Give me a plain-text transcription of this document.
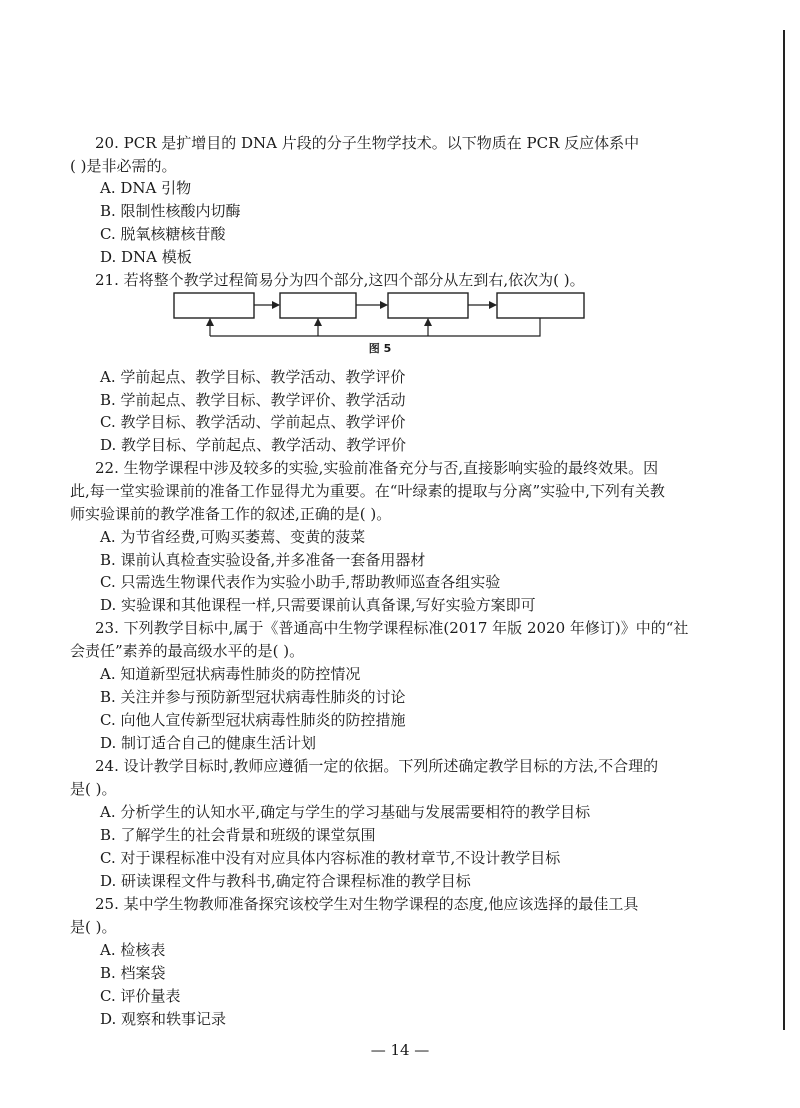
20. PCR 是扩增目的 DNA 片段的分子生物学技术。以下物质在 PCR 反应体系中
( )是非必需的。
A. DNA 引物
B. 限制性核酸内切酶
C. 脱氧核糖核苷酸
D. DNA 模板
21. 若将整个教学过程简易分为四个部分,这四个部分从左到右,依次为( )。
图 5
A. 学前起点、教学目标、教学活动、教学评价
B. 学前起点、教学目标、教学评价、教学活动
C. 教学目标、教学活动、学前起点、教学评价
D. 教学目标、学前起点、教学活动、教学评价
22. 生物学课程中涉及较多的实验,实验前准备充分与否,直接影响实验的最终效果。因
此,每一堂实验课前的准备工作显得尤为重要。在“叶绿素的提取与分离”实验中,下列有关教
师实验课前的教学准备工作的叙述,正确的是( )。
A. 为节省经费,可购买萎蔫、变黄的菠菜
B. 课前认真检查实验设备,并多准备一套备用器材
C. 只需选生物课代表作为实验小助手,帮助教师巡查各组实验
D. 实验课和其他课程一样,只需要课前认真备课,写好实验方案即可
23. 下列教学目标中,属于《普通高中生物学课程标准(2017 年版 2020 年修订)》中的“社
会责任”素养的最高级水平的是( )。
A. 知道新型冠状病毒性肺炎的防控情况
B. 关注并参与预防新型冠状病毒性肺炎的讨论
C. 向他人宣传新型冠状病毒性肺炎的防控措施
D. 制订适合自己的健康生活计划
24. 设计教学目标时,教师应遵循一定的依据。下列所述确定教学目标的方法,不合理的
是( )。
A. 分析学生的认知水平,确定与学生的学习基础与发展需要相符的教学目标
B. 了解学生的社会背景和班级的课堂氛围
C. 对于课程标准中没有对应具体内容标准的教材章节,不设计教学目标
D. 研读课程文件与教科书,确定符合课程标准的教学目标
25. 某中学生物教师准备探究该校学生对生物学课程的态度,他应该选择的最佳工具
是( )。
A. 检核表
B. 档案袋
C. 评价量表
D. 观察和轶事记录
— 14 —
